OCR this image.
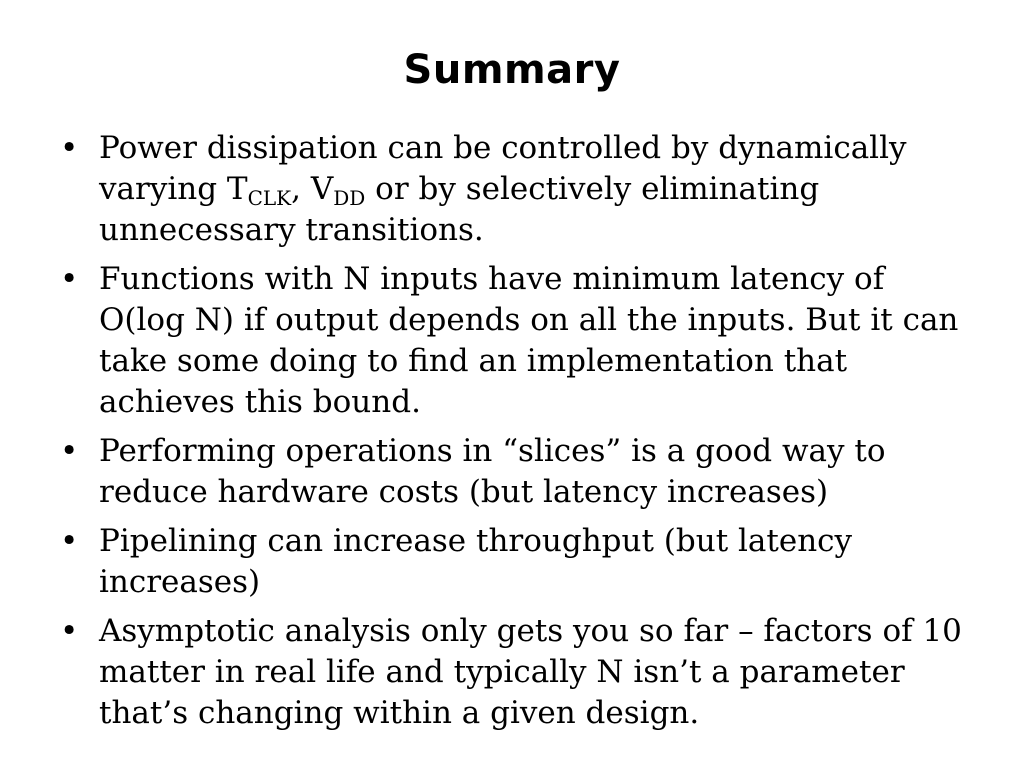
Summary
• Power dissipation can be controlled by dynamically varying $T_{CLK}$, $V_{DD}$ or by selectively eliminating unnecessary transitions.
• Functions with N inputs have minimum latency of O(log N) if output depends on all the inputs. But it can take some doing to find an implementation that achieves this bound.
• Performing operations in “slices” is a good way to reduce hardware costs (but latency increases)
• Pipelining can increase throughput (but latency increases)
• Asymptotic analysis only gets you so far – factors of 10 matter in real life and typically N isn’t a parameter that’s changing within a given design.
